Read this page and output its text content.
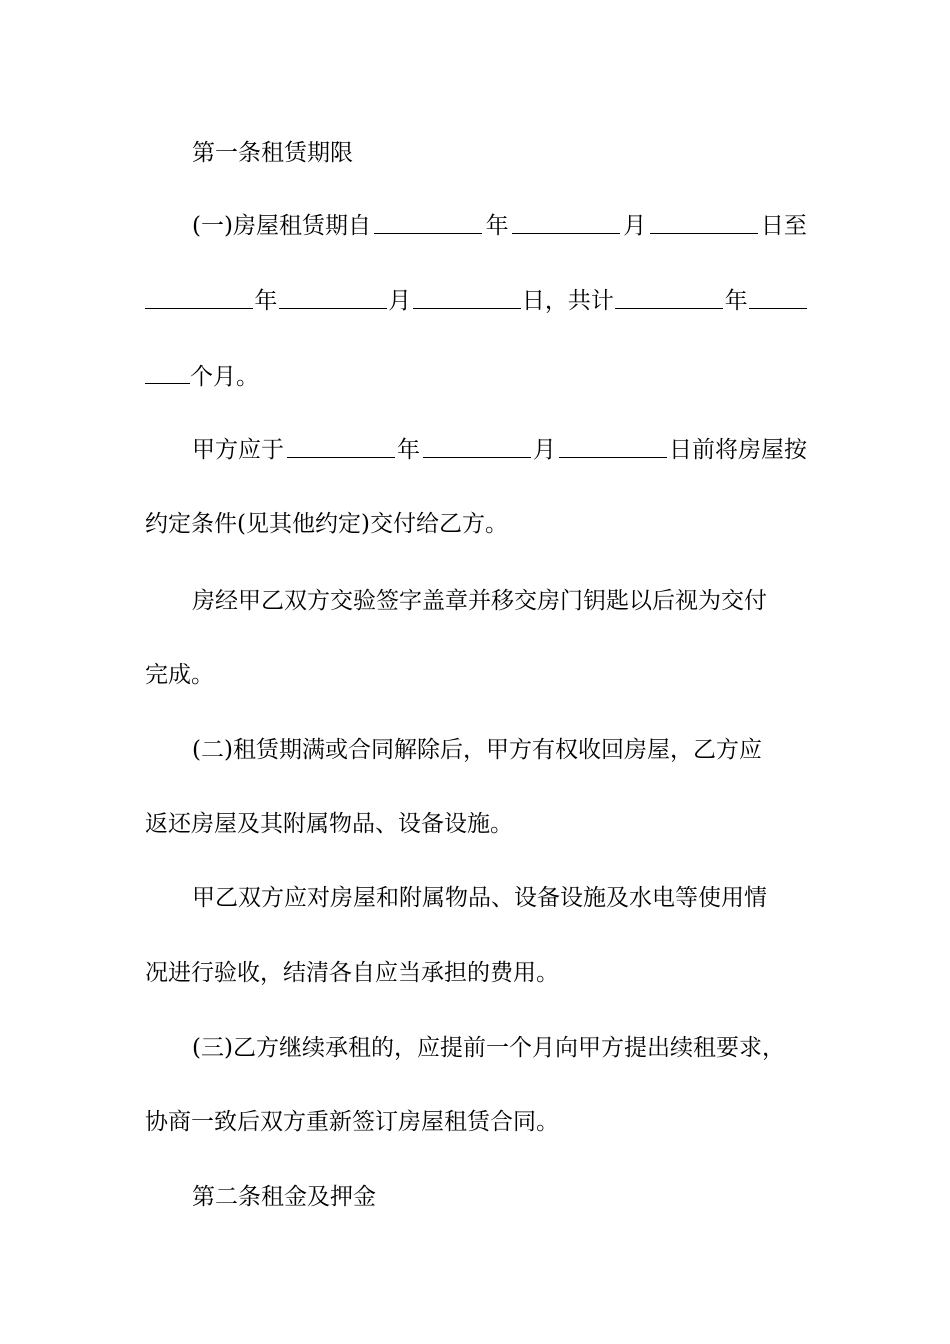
第一条租赁期限
(一)房屋租赁期自	年	月	日至
年	月	日，共计	年
个月。
甲方应于	年	月	日前将房屋按
约定条件(见其他约定)交付给乙方。
房经甲乙双方交验签字盖章并移交房门钥匙以后视为交付
完成。
(二)租赁期满或合同解除后，甲方有权收回房屋，乙方应
返还房屋及其附属物品、设备设施。
甲乙双方应对房屋和附属物品、设备设施及水电等使用情
况进行验收，结清各自应当承担的费用。
(三)乙方继续承租的，应提前一个月向甲方提出续租要求，
协商一致后双方重新签订房屋租赁合同。
第二条租金及押金
